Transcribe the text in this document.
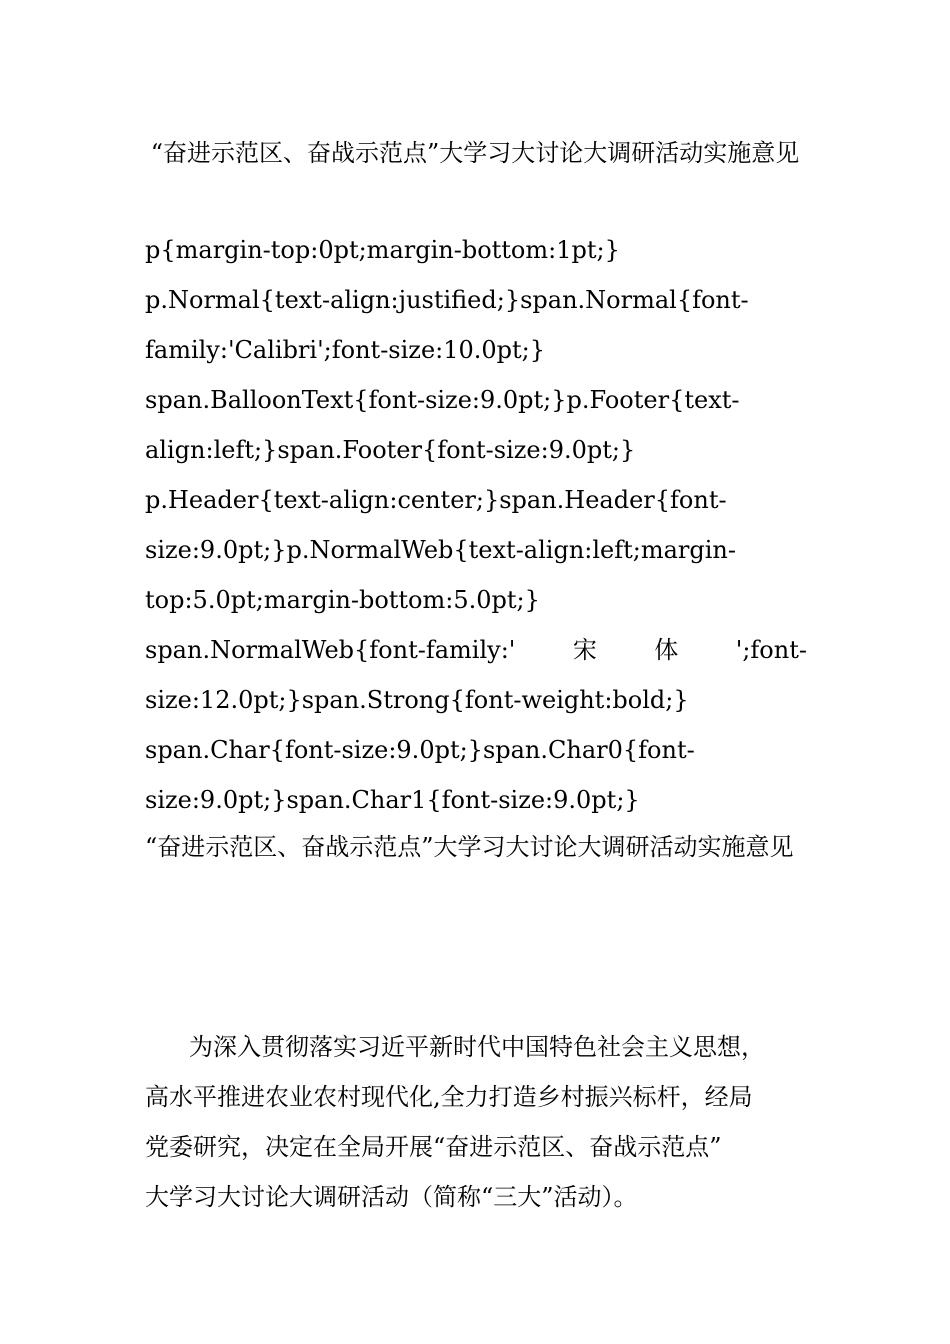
“奋进示范区、奋战示范点”大学习大讨论大调研活动实施意见

p{margin-top:0pt;margin-bottom:1pt;}

p.Normal{text-align:justified;}span.Normal{font-

family:'Calibri';font-size:10.0pt;}

span.BalloonText{font-size:9.0pt;}p.Footer{text-

align:left;}span.Footer{font-size:9.0pt;}

p.Header{text-align:center;}span.Header{font-

size:9.0pt;}p.NormalWeb{text-align:left;margin-

top:5.0pt;margin-bottom:5.0pt;}

span.NormalWeb{font-family:' 宋 体 ';font-

size:12.0pt;}span.Strong{font-weight:bold;}

span.Char{font-size:9.0pt;}span.Char0{font-

size:9.0pt;}span.Char1{font-size:9.0pt;}

“奋进示范区、奋战示范点”大学习大讨论大调研活动实施意见

为深入贯彻落实习近平新时代中国特色社会主义思想，
高水平推进农业农村现代化,全力打造乡村振兴标杆，经局
党委研究，决定在全局开展“奋进示范区、奋战示范点”
大学习大讨论大调研活动（简称“三大”活动）。
